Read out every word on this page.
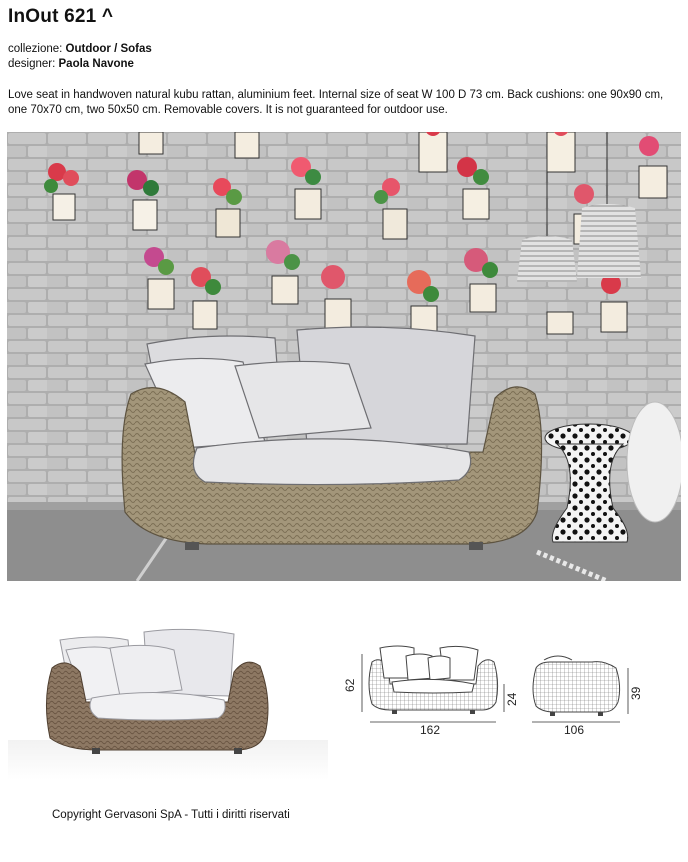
InOut 621 ^
collezione: Outdoor / Sofas
designer: Paola Navone
Love seat in handwoven natural kubu rattan, aluminium feet. Internal size of seat W 100 D 73 cm. Back cushions: one 90x90 cm, one 70x70 cm, two 50x50 cm. Removable covers. It is not guaranteed for outdoor use.
62
24
162
39
106
Copyright Gervasoni SpA - Tutti i diritti riservati
